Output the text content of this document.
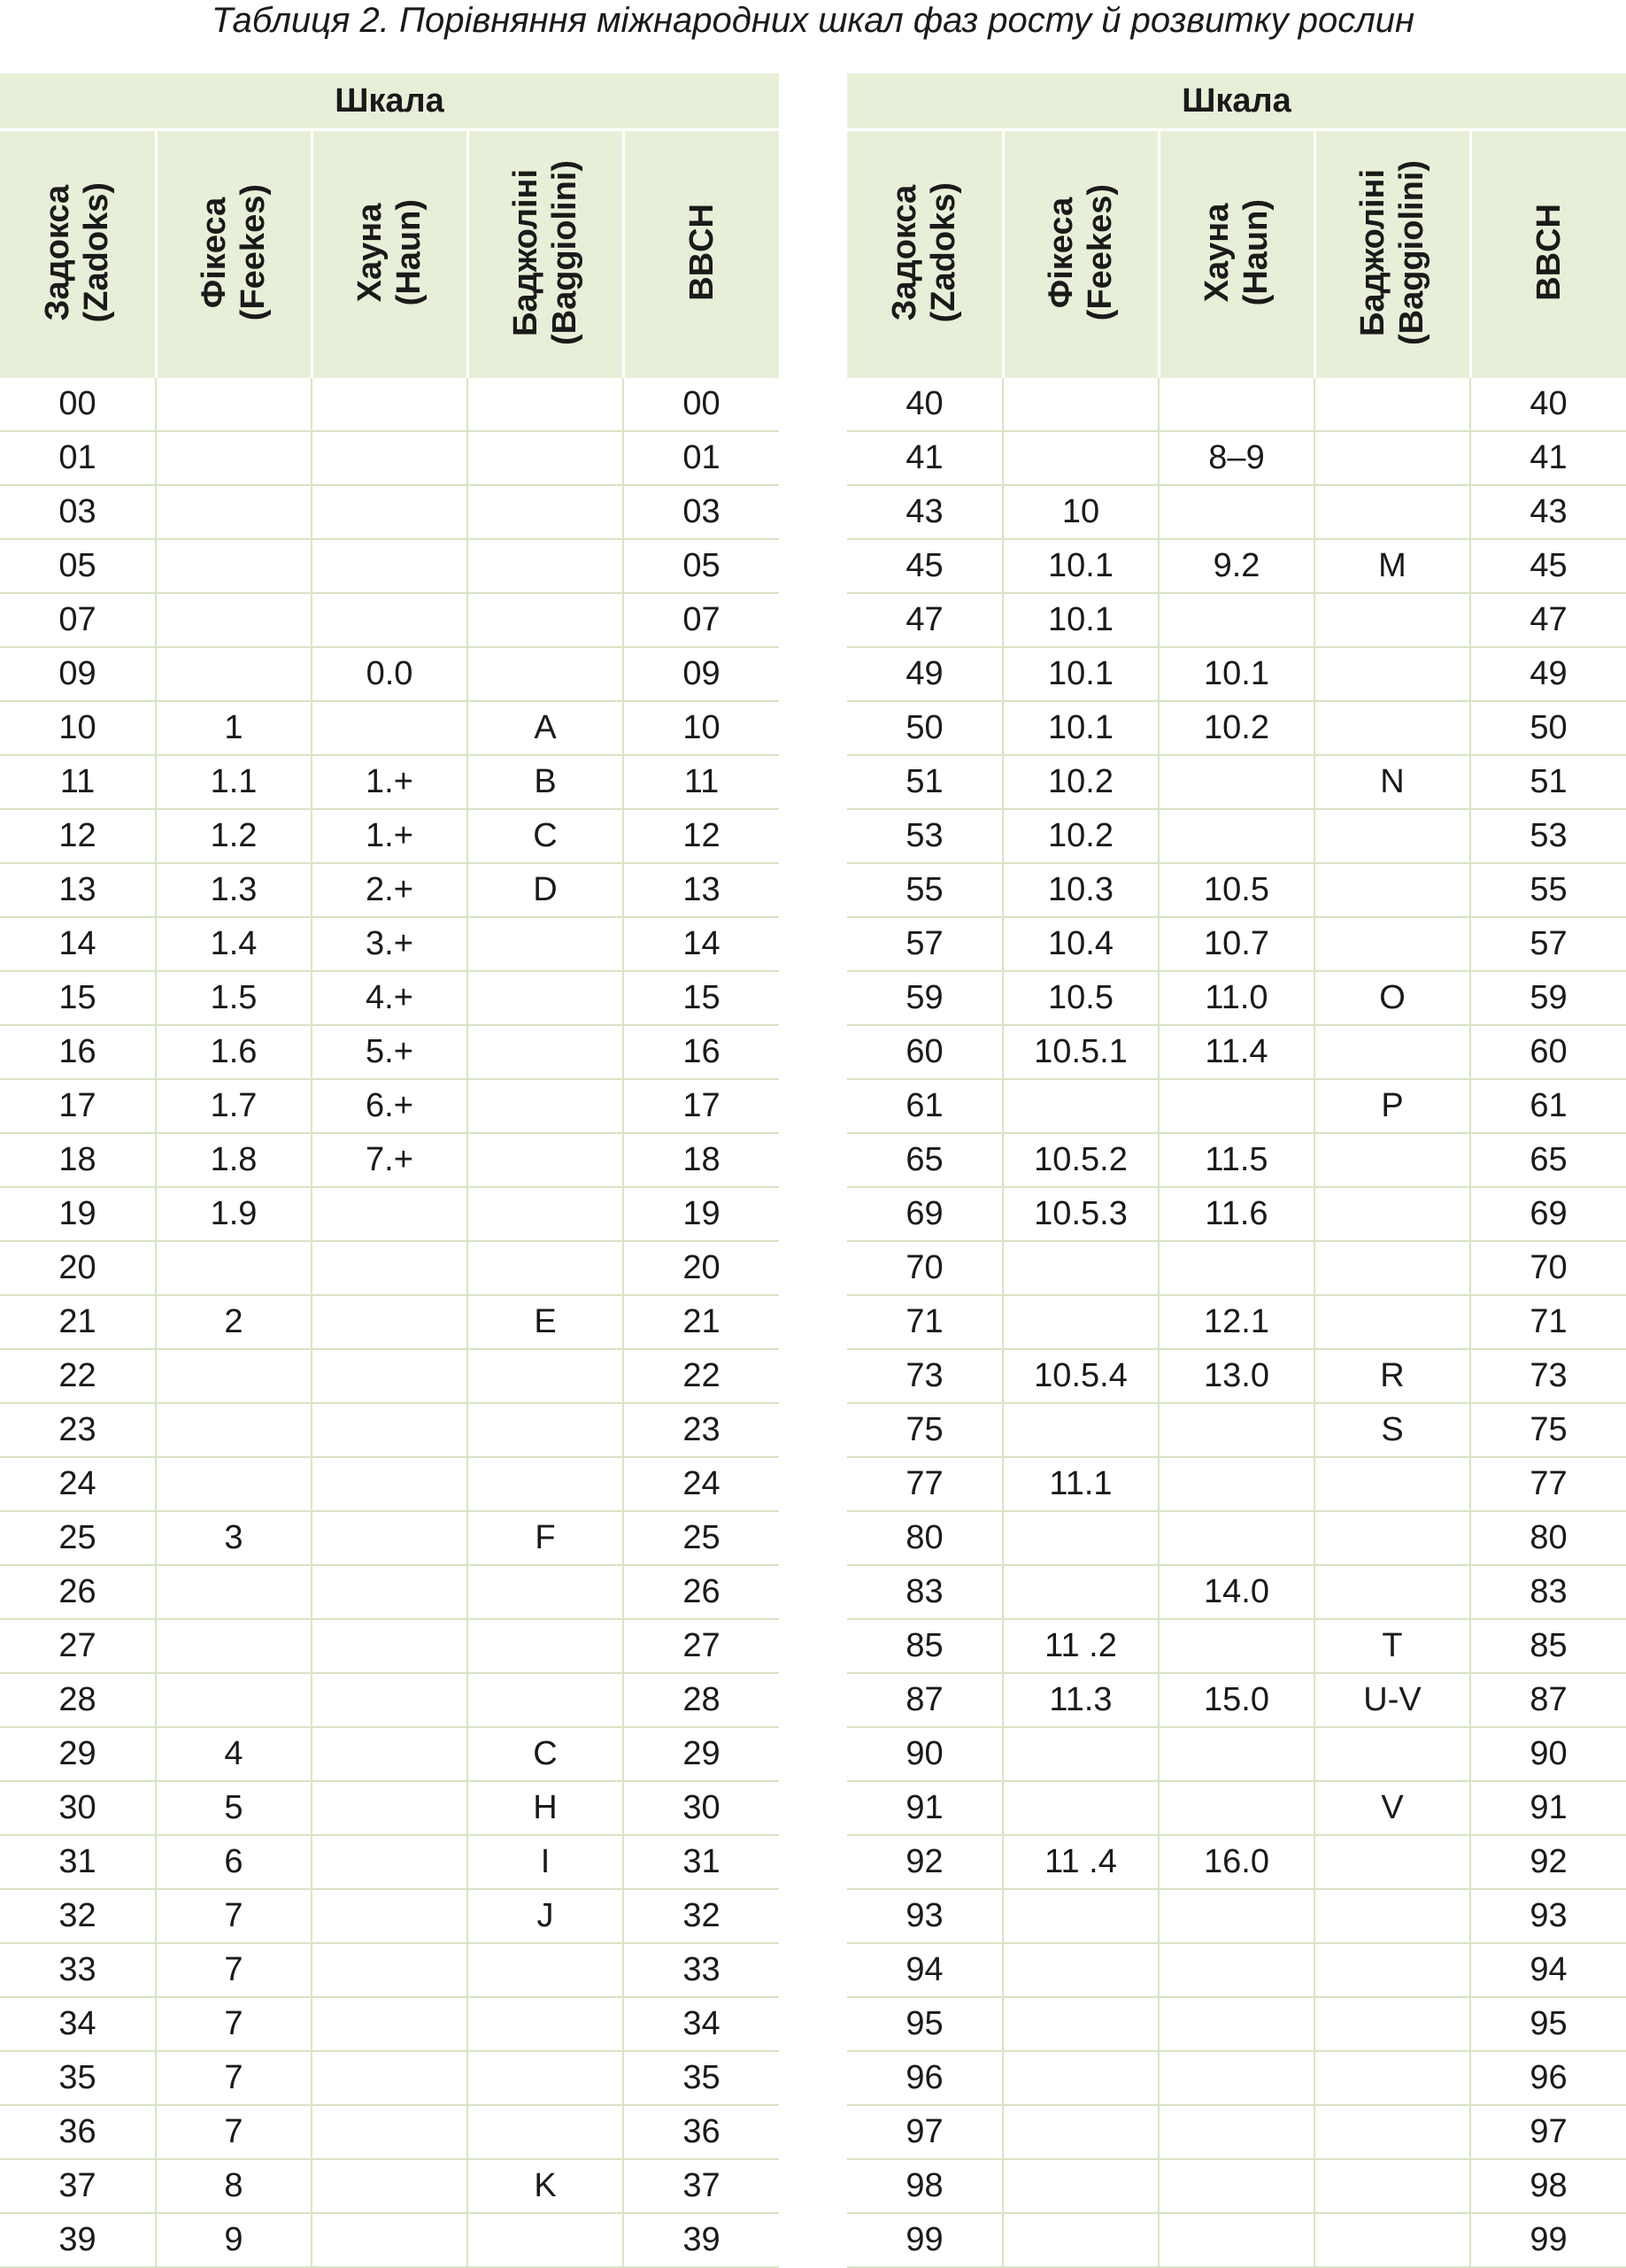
Таблиця 2. Порівняння міжнародних шкал фаз росту й розвитку рослин
Шкала				

Задокса (Zadoks)	Фікеса (Feekes)	Хауна (Haun)	Баджоліні (Baggiolini)	BBCH

00				00
01				01
03				03
05				05
07				07
09		0.0		09
10	1		A	10
11	1.1	1.+	B	11
12	1.2	1.+	C	12
13	1.3	2.+	D	13
14	1.4	3.+		14
15	1.5	4.+		15
16	1.6	5.+		16
17	1.7	6.+		17
18	1.8	7.+		18
19	1.9			19
20				20
21	2		E	21
22				22
23				23
24				24
25	3		F	25
26				26
27				27
28				28
29	4		C	29
30	5		H	30
31	6		I	31
32	7		J	32
33	7			33
34	7			34
35	7			35
36	7			36
37	8		K	37
39	9			39
Шкала				

Задокса (Zadoks)	Фікеса (Feekes)	Хауна (Haun)	Баджоліні (Baggiolini)	BBCH

40				40
41		8–9		41
43	10			43
45	10.1	9.2	M	45
47	10.1			47
49	10.1	10.1		49
50	10.1	10.2		50
51	10.2		N	51
53	10.2			53
55	10.3	10.5		55
57	10.4	10.7		57
59	10.5	11.0	O	59
60	10.5.1	11.4		60
61			P	61
65	10.5.2	11.5		65
69	10.5.3	11.6		69
70				70
71		12.1		71
73	10.5.4	13.0	R	73
75			S	75
77	11.1			77
80				80
83		14.0		83
85	11 .2		T	85
87	11.3	15.0	U-V	87
90				90
91			V	91
92	11 .4	16.0		92
93				93
94				94
95				95
96				96
97				97
98				98
99				99
